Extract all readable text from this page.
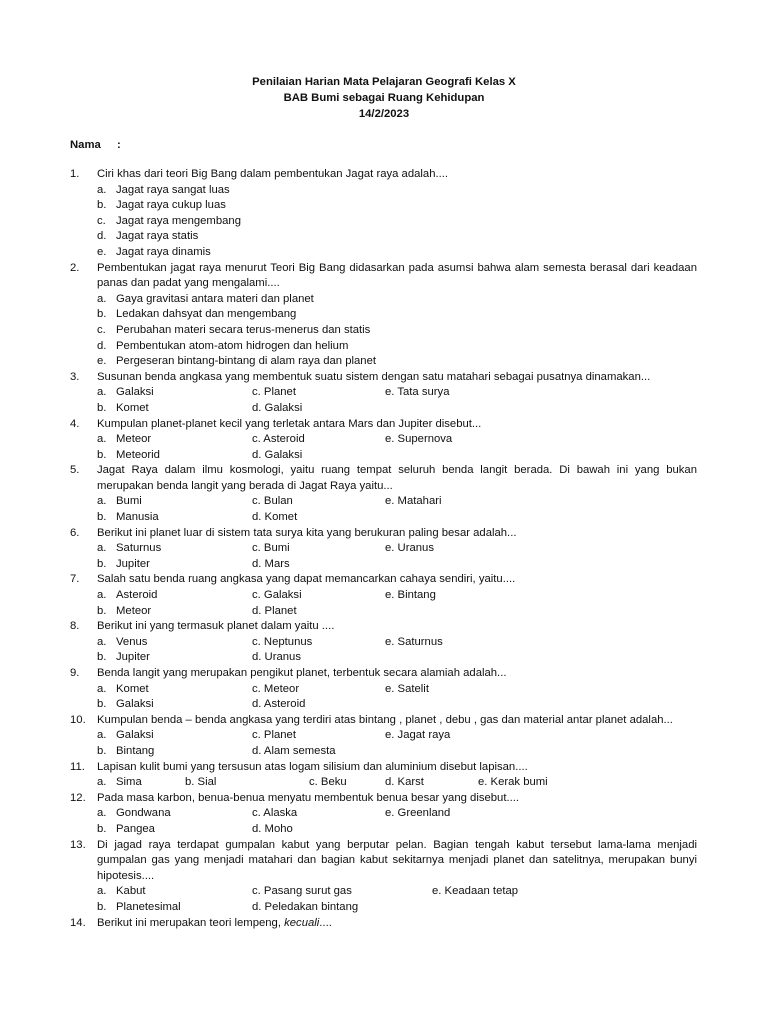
Penilaian Harian Mata Pelajaran Geografi Kelas X
BAB Bumi sebagai Ruang Kehidupan
14/2/2023
Nama :
1. Ciri khas dari teori Big Bang dalam pembentukan Jagat raya adalah....
a. Jagat raya sangat luas
b. Jagat raya cukup luas
c. Jagat raya mengembang
d. Jagat raya statis
e. Jagat raya dinamis
2. Pembentukan jagat raya menurut Teori Big Bang didasarkan pada asumsi bahwa alam semesta berasal dari keadaan
panas dan padat yang mengalami....
a. Gaya gravitasi antara materi dan planet
b. Ledakan dahsyat dan mengembang
c. Perubahan materi secara terus-menerus dan statis
d. Pembentukan atom-atom hidrogen dan helium
e. Pergeseran bintang-bintang di alam raya dan planet
3. Susunan benda angkasa yang membentuk suatu sistem dengan satu matahari sebagai pusatnya dinamakan...
a. Galaksi	c. Planet	e. Tata surya
b. Komet	d. Galaksi
4. Kumpulan planet-planet kecil yang terletak antara Mars dan Jupiter disebut...
a. Meteor	c. Asteroid	e. Supernova
b. Meteorid	d. Galaksi
5. Jagat Raya dalam ilmu kosmologi, yaitu ruang tempat seluruh benda langit berada. Di bawah ini yang bukan
merupakan benda langit yang berada di Jagat Raya yaitu...
a. Bumi	c. Bulan	e. Matahari
b. Manusia	d. Komet
6. Berikut ini planet luar di sistem tata surya kita yang berukuran paling besar adalah...
a. Saturnus	c. Bumi	e. Uranus
b. Jupiter	d. Mars
7. Salah satu benda ruang angkasa yang dapat memancarkan cahaya sendiri, yaitu....
a. Asteroid	c. Galaksi	e. Bintang
b. Meteor	d. Planet
8. Berikut ini yang termasuk planet dalam yaitu ....
a. Venus	c. Neptunus	e. Saturnus
b. Jupiter	d. Uranus
9. Benda langit yang merupakan pengikut planet, terbentuk secara alamiah adalah...
a. Komet	c. Meteor	e. Satelit
b. Galaksi	d. Asteroid
10. Kumpulan benda – benda angkasa yang terdiri atas bintang , planet , debu , gas dan material antar planet adalah...
a. Galaksi	c. Planet	e. Jagat raya
b. Bintang	d. Alam semesta
11. Lapisan kulit bumi yang tersusun atas logam silisium dan aluminium disebut lapisan....
a. Sima	b. Sial	c. Beku	d. Karst	e. Kerak bumi
12. Pada masa karbon, benua-benua menyatu membentuk benua besar yang disebut....
a. Gondwana	c. Alaska	e. Greenland
b. Pangea	d. Moho
13. Di jagad raya terdapat gumpalan kabut yang berputar pelan. Bagian tengah kabut tersebut lama-lama menjadi
gumpalan gas yang menjadi matahari dan bagian kabut sekitarnya menjadi planet dan satelitnya, merupakan bunyi
hipotesis....
a. Kabut	c. Pasang surut gas	e. Keadaan tetap
b. Planetesimal	d. Peledakan bintang
14. Berikut ini merupakan teori lempeng, kecuali....
